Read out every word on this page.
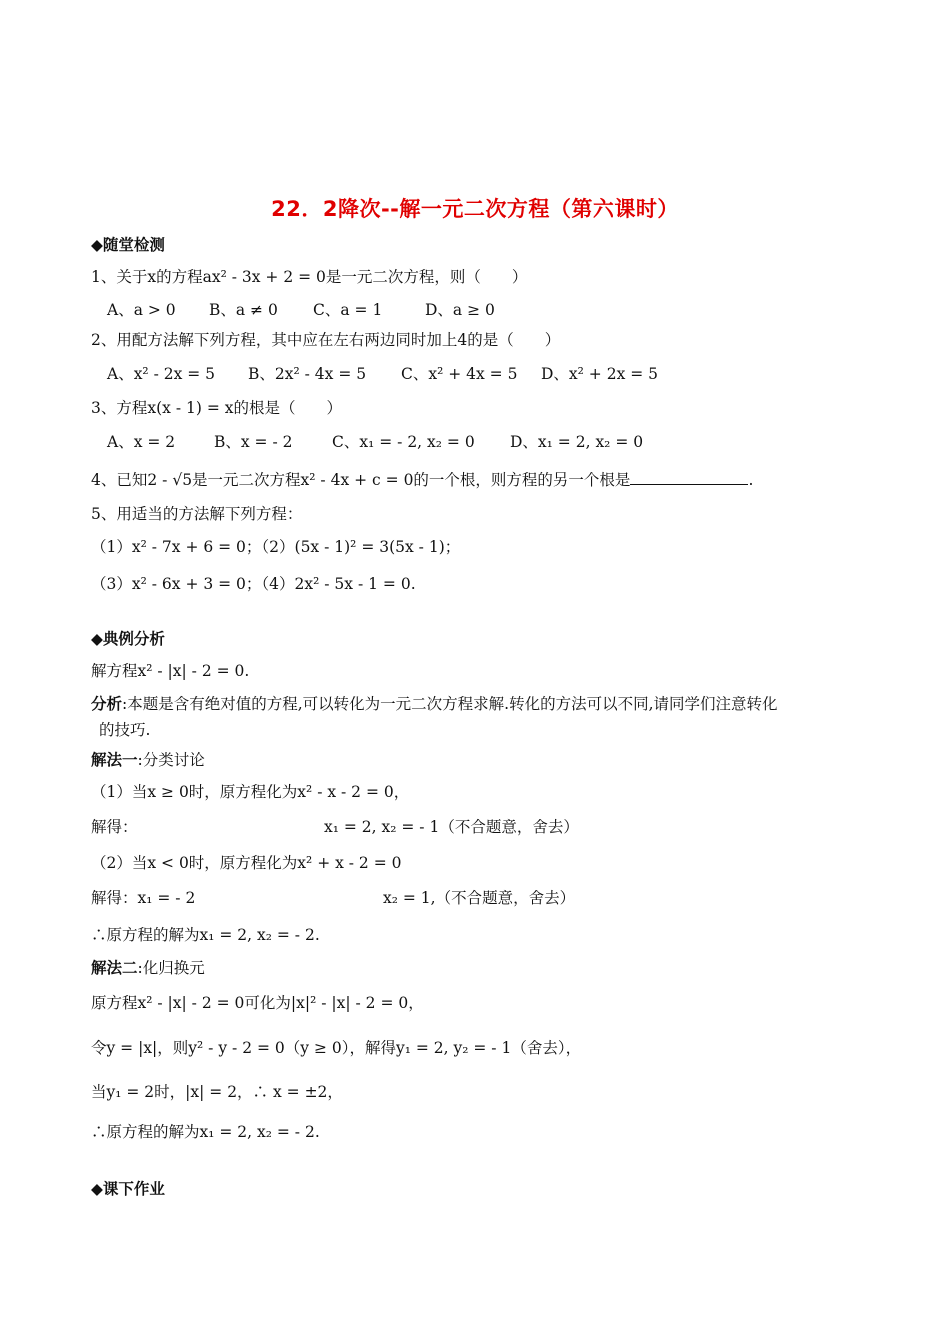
22．2降次--解一元二次方程（第六课时）
◆随堂检测
1、关于x的方程ax² - 3x + 2 = 0是一元二次方程，则（　　）
A、a > 0 B、a ≠ 0 C、a = 1	D、a ≥ 0
2、用配方法解下列方程，其中应在左右两边同时加上4的是（　　）
A、x² - 2x = 5 B、2x² - 4x = 5 C、x² + 4x = 5 D、x² + 2x = 5
3、方程x(x - 1) = x的根是（　　）
A、x = 2	B、x = - 2	C、x₁ = - 2, x₂ = 0 D、x₁ = 2, x₂ = 0
4、已知2 - √5是一元二次方程x² - 4x + c = 0的一个根，则方程的另一个根是	.
5、用适当的方法解下列方程：
（1）x² - 7x + 6 = 0；（2）(5x - 1)² = 3(5x - 1)；
（3）x² - 6x + 3 = 0；（4）2x² - 5x - 1 = 0.
◆典例分析
解方程x² - |x| - 2 = 0.
分析:本题是含有绝对值的方程,可以转化为一元二次方程求解.转化的方法可以不同,请同学们注意转化
的技巧.
解法一:分类讨论
（1）当x ≥ 0时，原方程化为x² - x - 2 = 0，
解得：	x₁ = 2, x₂ = - 1（不合题意，舍去）
（2）当x < 0时，原方程化为x² + x - 2 = 0
解得：x₁ = - 2	x₂ = 1,（不合题意，舍去）
∴原方程的解为x₁ = 2, x₂ = - 2.
解法二:化归换元
原方程x² - |x| - 2 = 0可化为|x|² - |x| - 2 = 0，
令y = |x|，则y² - y - 2 = 0（y ≥ 0），解得y₁ = 2, y₂ = - 1（舍去），
当y₁ = 2时，|x| = 2，∴ x = ±2，
∴原方程的解为x₁ = 2, x₂ = - 2.
◆课下作业
